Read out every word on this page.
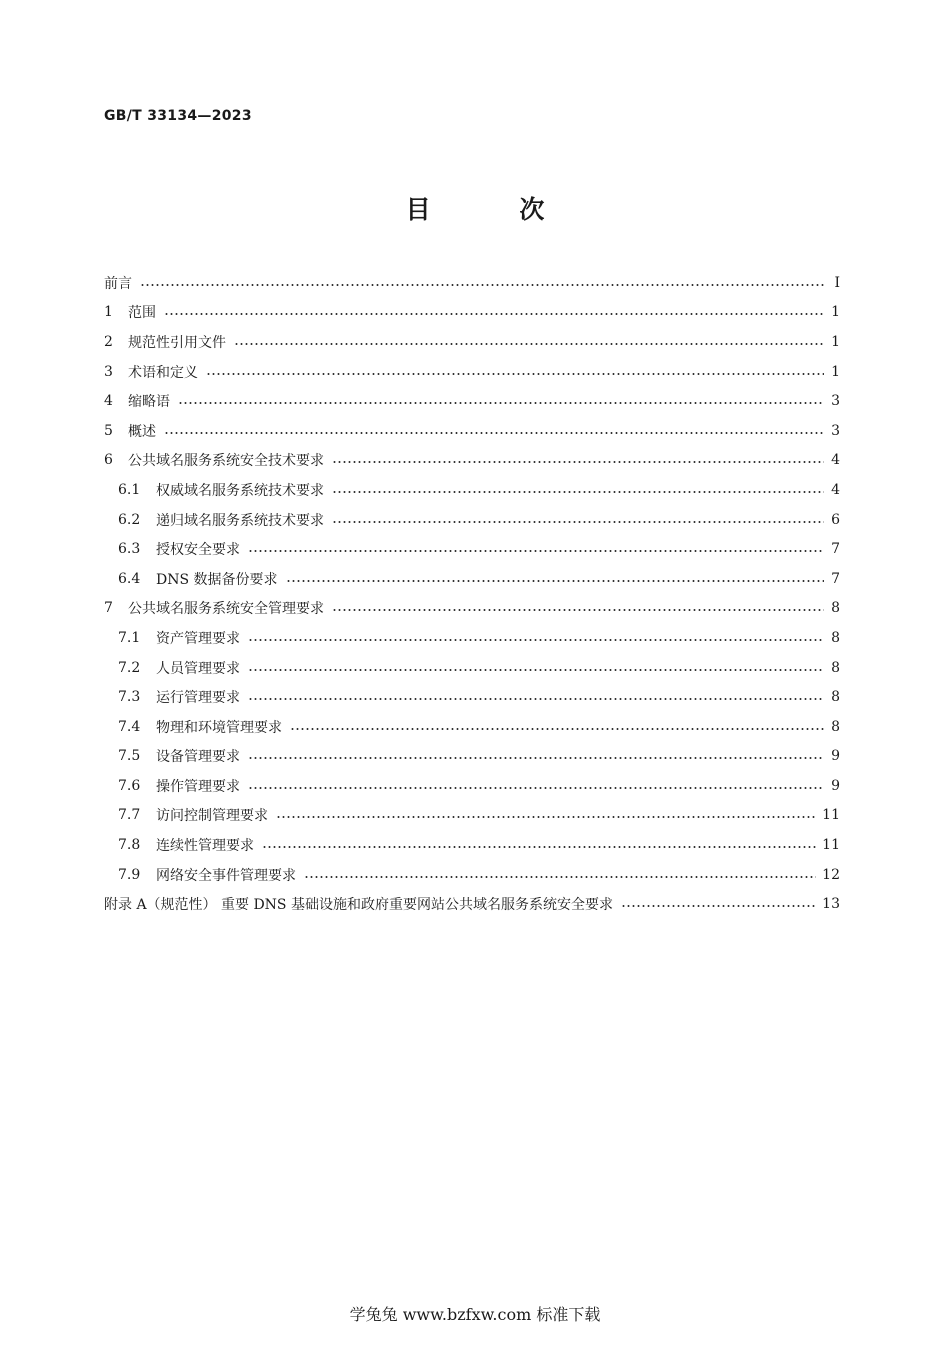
GB/T 33134—2023
目 次
前言	Ⅰ
1	范围	1
2	规范性引用文件	1
3	术语和定义	1
4	缩略语	3
5	概述	3
6	公共域名服务系统安全技术要求	4
6.1	权威域名服务系统技术要求	4
6.2	递归域名服务系统技术要求	6
6.3	授权安全要求	7
6.4	DNS 数据备份要求	7
7	公共域名服务系统安全管理要求	8
7.1	资产管理要求	8
7.2	人员管理要求	8
7.3	运行管理要求	8
7.4	物理和环境管理要求	8
7.5	设备管理要求	9
7.6	操作管理要求	9
7.7	访问控制管理要求	11
7.8	连续性管理要求	11
7.9	网络安全事件管理要求	12
附录 A（规范性） 重要 DNS 基础设施和政府重要网站公共域名服务系统安全要求	13
学兔兔 www.bzfxw.com 标准下载
